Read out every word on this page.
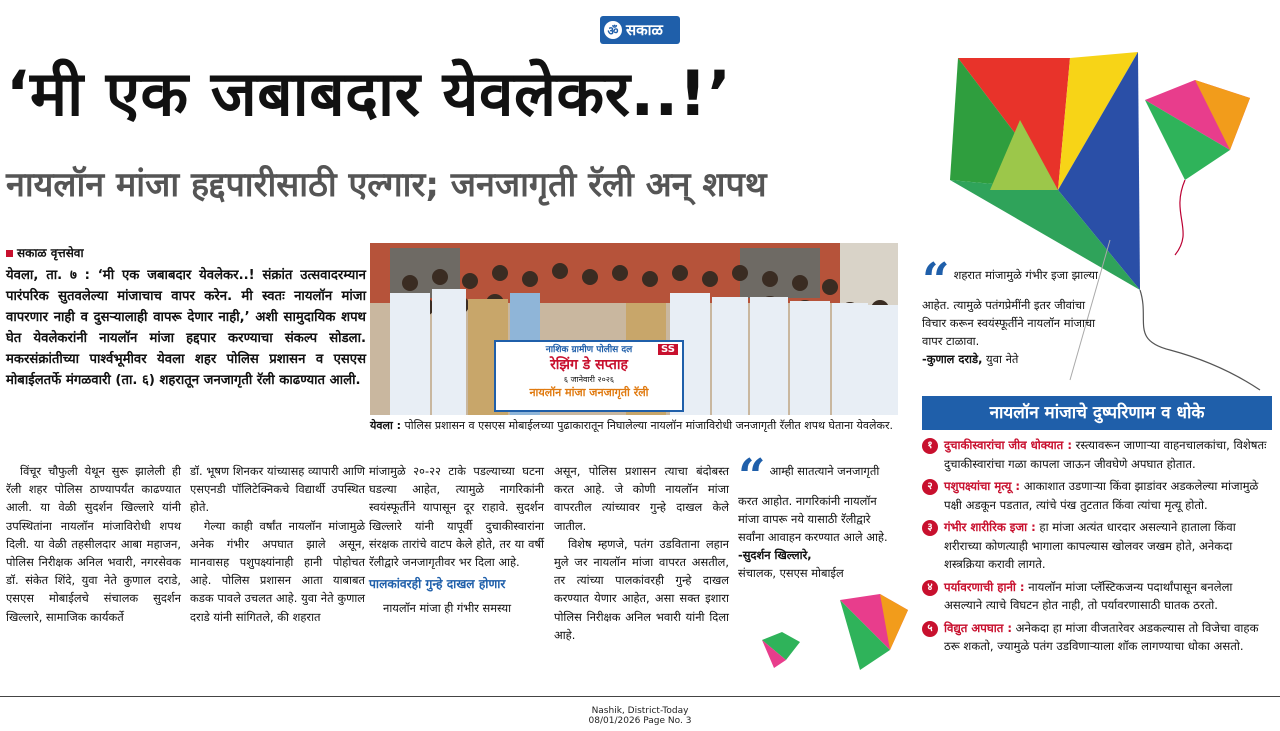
ॐ सकाळ
‘मी एक जबाबदार येवलेकर..!’
नायलॉन मांजा हद्दपारीसाठी एल्गार; जनजागृती रॅली अन् शपथ
सकाळ वृत्तसेवा
येवला, ता. ७ : ‘मी एक जबाबदार येवलेकर..! संक्रांत उत्सवादरम्यान पारंपरिक सुतवलेल्या मांजाचाच वापर करेन. मी स्वतः नायलॉन मांजा वापरणार नाही व दुसऱ्यालाही वापरू देणार नाही,’ अशी सामुदायिक शपथ घेत येवलेकरांनी नायलॉन मांजा हद्दपार करण्याचा संकल्प सोडला. मकरसंक्रांतीच्या पार्श्वभूमीवर येवला शहर पोलिस प्रशासन व एसएस मोबाईलतर्फे मंगळवारी (ता. ६) शहरातून जनजागृती रॅली काढण्यात आली.
नाशिक ग्रामीण पोलीस दल
रेझिंग डे सप्ताह
६ जानेवारी २०२६
नायलॉन मांजा जनजागृती रॅली
SS
येवला : पोलिस प्रशासन व एसएस मोबाईलच्या पुढाकारातून निघालेल्या नायलॉन मांजाविरोधी जनजागृती रॅलीत शपथ घेताना येवलेकर.

विंचूर चौफुली येथून सुरू झालेली ही रॅली शहर पोलिस ठाण्यापर्यंत काढण्यात आली. या वेळी सुदर्शन खिल्लारे यांनी उपस्थितांना नायलॉन मांजाविरोधी शपथ दिली. या वेळी तहसीलदार आबा महाजन, पोलिस निरीक्षक अनिल भवारी, नगरसेवक डॉ. संकेत शिंदे, युवा नेते कुणाल दराडे, एसएस मोबाईलचे संचालक सुदर्शन खिल्लारे, सामाजिक कार्यकर्ते

डॉ. भूषण शिनकर यांच्यासह व्यापारी आणि एसएनडी पॉलिटेक्निकचे विद्यार्थी उपस्थित होते.

गेल्या काही वर्षांत नायलॉन मांजामुळे अनेक गंभीर अपघात झाले असून, मानवासह पशुपक्ष्यांनाही हानी पोहोचत आहे. पोलिस प्रशासन आता याबाबत कडक पावले उचलत आहे. युवा नेते कुणाल दराडे यांनी सांगितले, की शहरात

मांजामुळे २०-२२ टाके पडल्याच्या घटना घडल्या आहेत, त्यामुळे नागरिकांनी स्वयंस्फूर्तीने यापासून दूर राहावे. सुदर्शन खिल्लारे यांनी यापूर्वी दुचाकीस्वारांना संरक्षक तारांचे वाटप केले होते, तर या वर्षी रॅलीद्वारे जनजागृतीवर भर दिला आहे.

पालकांवरही गुन्हे दाखल होणार

नायलॉन मांजा ही गंभीर समस्या

असून, पोलिस प्रशासन त्याचा बंदोबस्त करत आहे. जे कोणी नायलॉन मांजा वापरतील त्यांच्यावर गुन्हे दाखल केले जातील.

विशेष म्हणजे, पतंग उडविताना लहान मुले जर नायलॉन मांजा वापरत असतील, तर त्यांच्या पालकांवरही गुन्हे दाखल करण्यात येणार आहेत, असा सक्त इशारा पोलिस निरीक्षक अनिल भवारी यांनी दिला आहे.

“ आम्ही सातत्याने जनजागृती करत आहोत. नागरिकांनी नायलॉन मांजा वापरू नये यासाठी रॅलीद्वारे सर्वांना आवाहन करण्यात आले आहे.
-सुदर्शन खिल्लारे,
संचालक, एसएस मोबाईल
“ शहरात मांजामुळे गंभीर इजा झाल्या आहेत. त्यामुळे पतंगप्रेमींनी इतर जीवांचा विचार करून स्वयंस्फूर्तीने नायलॉन मांजाचा वापर टाळावा.
-कुणाल दराडे, युवा नेते
नायलॉन मांजाचे दुष्परिणाम व धोके
१ दुचाकीस्वारांचा जीव धोक्यात : रस्त्यावरून जाणाऱ्या वाहनचालकांचा, विशेषतः दुचाकीस्वारांचा गळा कापला जाऊन जीवघेणे अपघात होतात.
२ पशुपक्ष्यांचा मृत्यू : आकाशात उडणाऱ्या किंवा झाडांवर अडकलेल्या मांजामुळे पक्षी अडकून पडतात, त्यांचे पंख तुटतात किंवा त्यांचा मृत्यू होतो.
३ गंभीर शारीरिक इजा : हा मांजा अत्यंत धारदार असल्याने हाताला किंवा शरीराच्या कोणत्याही भागाला कापल्यास खोलवर जखम होते, अनेकदा शस्त्रक्रिया करावी लागते.
४ पर्यावरणाची हानी : नायलॉन मांजा प्लॅस्टिकजन्य पदार्थांपासून बनलेला असल्याने त्याचे विघटन होत नाही, तो पर्यावरणासाठी घातक ठरतो.
५ विद्युत अपघात : अनेकदा हा मांजा वीजतारेवर अडकल्यास तो विजेचा वाहक ठरू शकतो, ज्यामुळे पतंग उडविणाऱ्याला शॉक लागण्याचा धोका असतो.
Nashik, District-Today
08/01/2026 Page No. 3
